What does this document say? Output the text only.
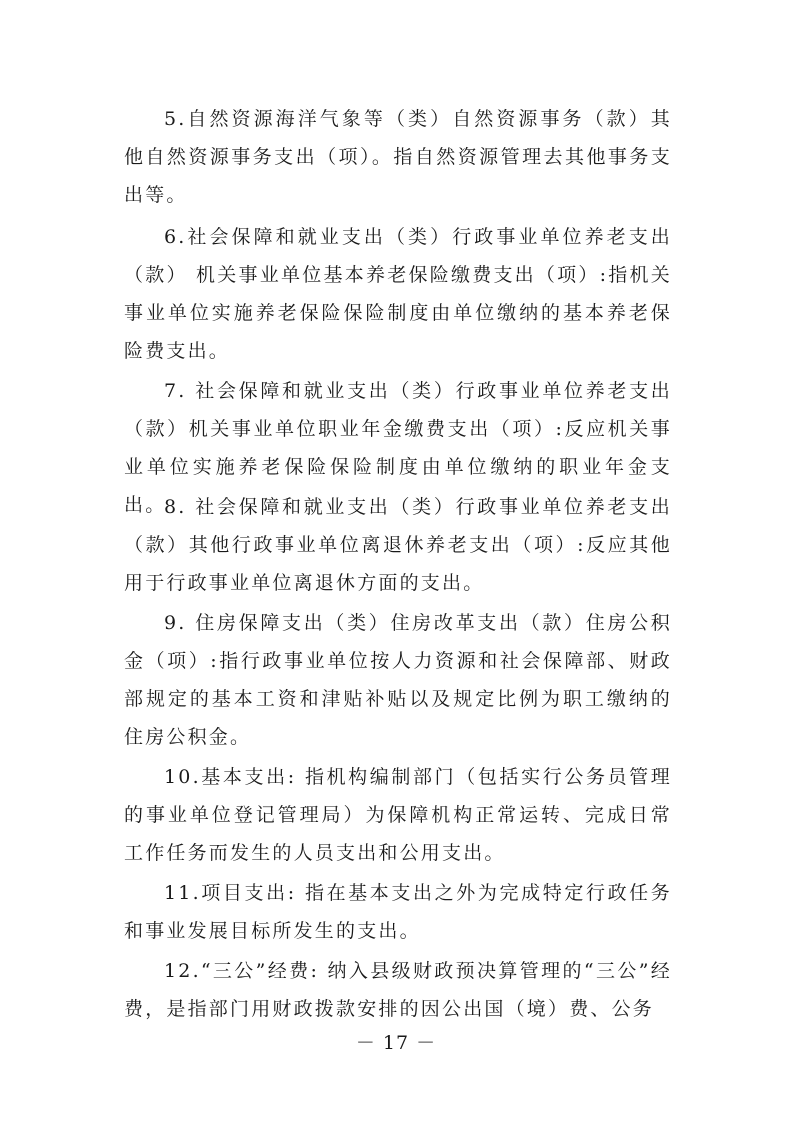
5.自然资源海洋气象等（类）自然资源事务（款）其他自然资源事务支出（项）。指自然资源管理去其他事务支出等。

6.社会保障和就业支出（类）行政事业单位养老支出（款） 机关事业单位基本养老保险缴费支出（项）:指机关事业单位实施养老保险保险制度由单位缴纳的基本养老保险费支出。

7. 社会保障和就业支出（类）行政事业单位养老支出（款）机关事业单位职业年金缴费支出（项）:反应机关事业单位实施养老保险保险制度由单位缴纳的职业年金支出。

8. 社会保障和就业支出（类）行政事业单位养老支出（款）其他行政事业单位离退休养老支出（项）:反应其他用于行政事业单位离退休方面的支出。

9. 住房保障支出（类）住房改革支出（款）住房公积金（项）:指行政事业单位按人力资源和社会保障部、财政部规定的基本工资和津贴补贴以及规定比例为职工缴纳的住房公积金。

10.基本支出: 指机构编制部门（包括实行公务员管理的事业单位登记管理局）为保障机构正常运转、完成日常工作任务而发生的人员支出和公用支出。

11.项目支出: 指在基本支出之外为完成特定行政任务和事业发展目标所发生的支出。

12.“三公”经费: 纳入县级财政预决算管理的“三公”经费，是指部门用财政拨款安排的因公出国（境）费、公务

－ 17 －
